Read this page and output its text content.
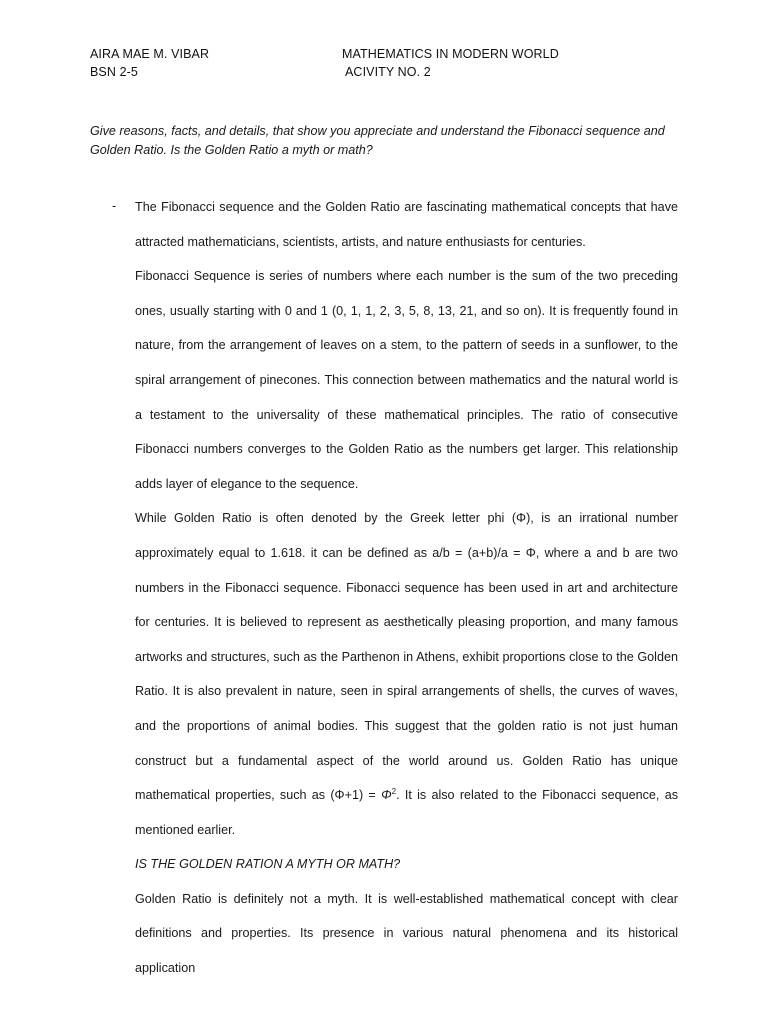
AIRA MAE M. VIBAR
BSN 2-5
MATHEMATICS IN MODERN WORLD
ACIVITY NO. 2
Give reasons, facts, and details, that show you appreciate and understand the Fibonacci sequence and Golden Ratio. Is the Golden Ratio a myth or math?
- The Fibonacci sequence and the Golden Ratio are fascinating mathematical concepts that have attracted mathematicians, scientists, artists, and nature enthusiasts for centuries.

Fibonacci Sequence is series of numbers where each number is the sum of the two preceding ones, usually starting with 0 and 1 (0, 1, 1, 2, 3, 5, 8, 13, 21, and so on). It is frequently found in nature, from the arrangement of leaves on a stem, to the pattern of seeds in a sunflower, to the spiral arrangement of pinecones. This connection between mathematics and the natural world is a testament to the universality of these mathematical principles. The ratio of consecutive Fibonacci numbers converges to the Golden Ratio as the numbers get larger. This relationship adds layer of elegance to the sequence.

While Golden Ratio is often denoted by the Greek letter phi (Φ), is an irrational number approximately equal to 1.618. it can be defined as a/b = (a+b)/a = Φ, where a and b are two numbers in the Fibonacci sequence. Fibonacci sequence has been used in art and architecture for centuries. It is believed to represent as aesthetically pleasing proportion, and many famous artworks and structures, such as the Parthenon in Athens, exhibit proportions close to the Golden Ratio. It is also prevalent in nature, seen in spiral arrangements of shells, the curves of waves, and the proportions of animal bodies. This suggest that the golden ratio is not just human construct but a fundamental aspect of the world around us. Golden Ratio has unique mathematical properties, such as $(\Phi+1) = \Phi^2$. It is also related to the Fibonacci sequence, as mentioned earlier.

IS THE GOLDEN RATION A MYTH OR MATH?

Golden Ratio is definitely not a myth. It is well-established mathematical concept with clear definitions and properties. Its presence in various natural phenomena and its historical application
